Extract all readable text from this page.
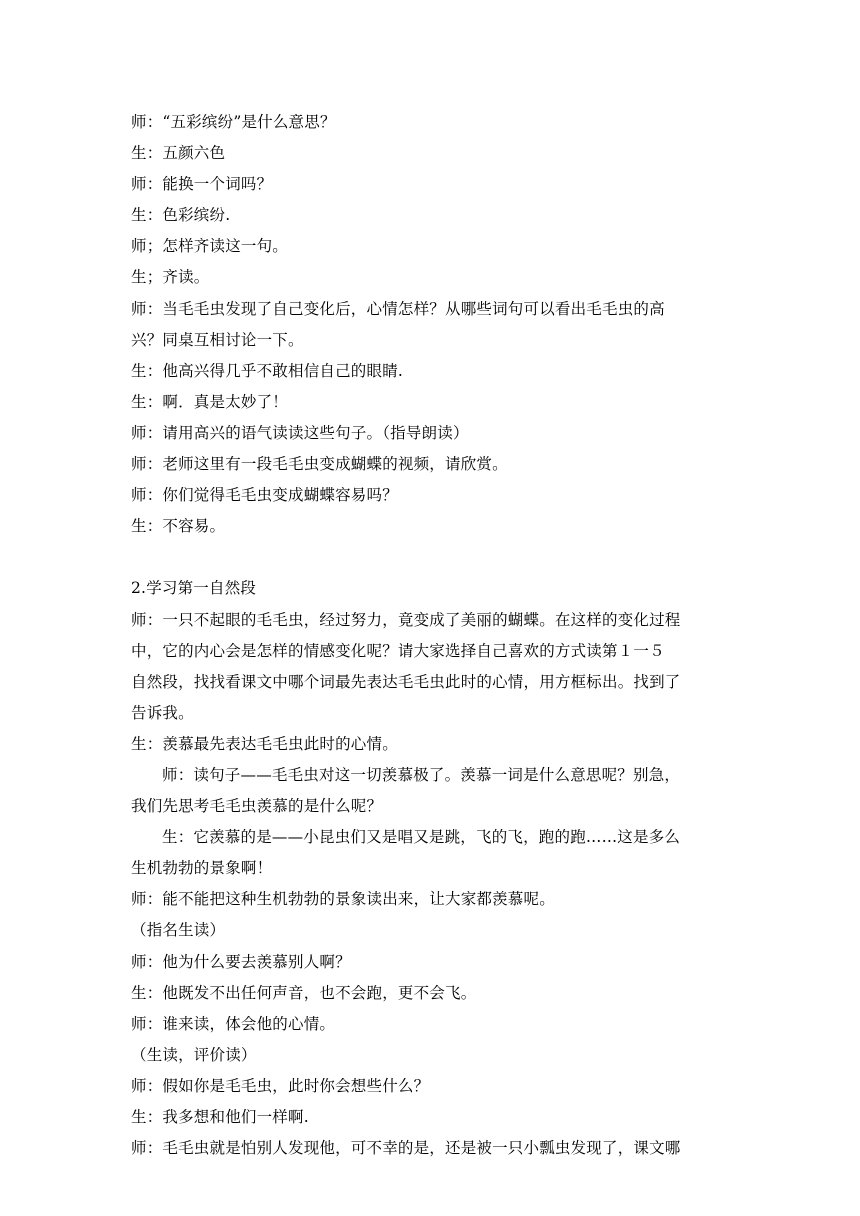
师：“五彩缤纷”是什么意思？
生：五颜六色
师：能换一个词吗？
生：色彩缤纷.
师；怎样齐读这一句。
生；齐读。
师：当毛毛虫发现了自己变化后，心情怎样？从哪些词句可以看出毛毛虫的高
兴？同桌互相讨论一下。
生：他高兴得几乎不敢相信自己的眼睛.
生：啊．真是太妙了！
师：请用高兴的语气读读这些句子。（指导朗读）
师：老师这里有一段毛毛虫变成蝴蝶的视频，请欣赏。
师：你们觉得毛毛虫变成蝴蝶容易吗？
生：不容易。
2.学习第一自然段
师：一只不起眼的毛毛虫，经过努力，竟变成了美丽的蝴蝶。在这样的变化过程
中，它的内心会是怎样的情感变化呢？请大家选择自己喜欢的方式读第１一５
自然段，找找看课文中哪个词最先表达毛毛虫此时的心情，用方框标出。找到了
告诉我。
生：羡慕最先表达毛毛虫此时的心情。
师：读句子——毛毛虫对这一切羡慕极了。羡慕一词是什么意思呢？别急，
我们先思考毛毛虫羡慕的是什么呢？
生：它羡慕的是——小昆虫们又是唱又是跳，飞的飞，跑的跑……这是多么
生机勃勃的景象啊！
师：能不能把这种生机勃勃的景象读出来，让大家都羡慕呢。
（指名生读）
师：他为什么要去羡慕别人啊？
生：他既发不出任何声音，也不会跑，更不会飞。
师：谁来读，体会他的心情。
（生读，评价读）
师：假如你是毛毛虫，此时你会想些什么？
生：我多想和他们一样啊.
师：毛毛虫就是怕别人发现他，可不幸的是，还是被一只小瓢虫发现了，课文哪
